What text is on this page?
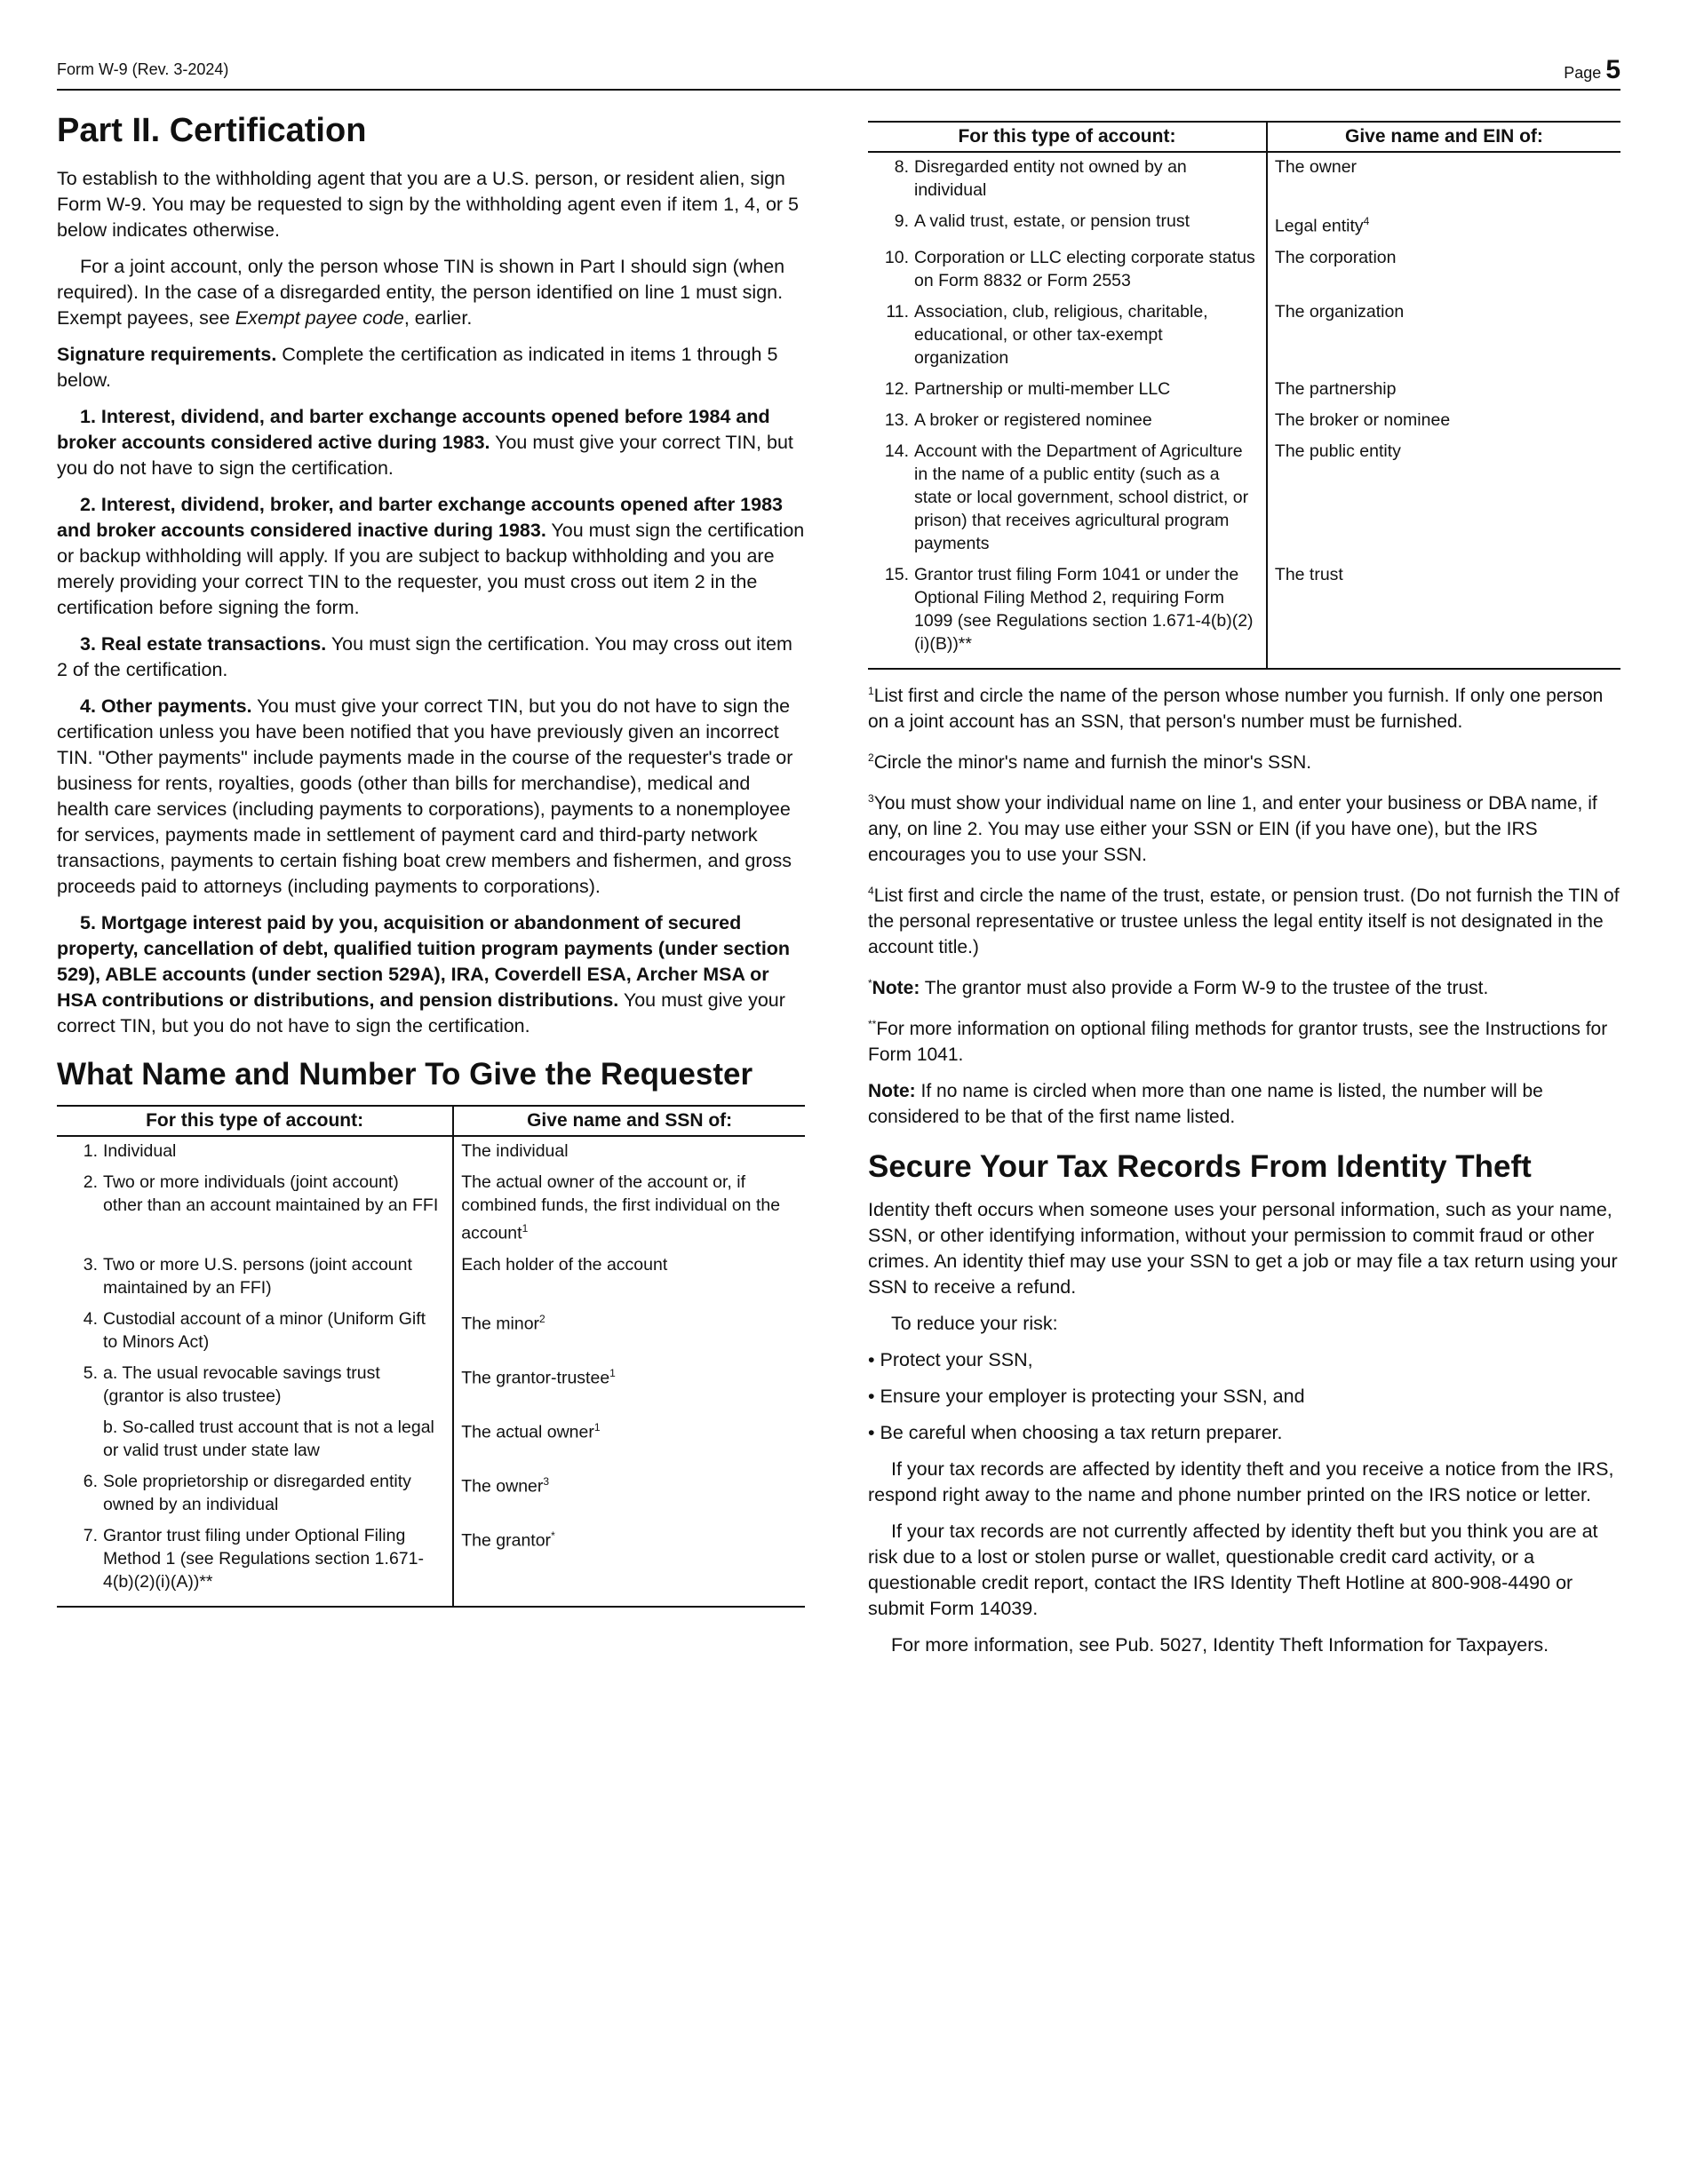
Form W-9 (Rev. 3-2024)	Page 5
Part II. Certification

To establish to the withholding agent that you are a U.S. person, or resident alien, sign Form W-9. You may be requested to sign by the withholding agent even if item 1, 4, or 5 below indicates otherwise.

For a joint account, only the person whose TIN is shown in Part I should sign (when required). In the case of a disregarded entity, the person identified on line 1 must sign. Exempt payees, see Exempt payee code, earlier.

Signature requirements. Complete the certification as indicated in items 1 through 5 below.

1. Interest, dividend, and barter exchange accounts opened before 1984 and broker accounts considered active during 1983. You must give your correct TIN, but you do not have to sign the certification.

2. Interest, dividend, broker, and barter exchange accounts opened after 1983 and broker accounts considered inactive during 1983. You must sign the certification or backup withholding will apply. If you are subject to backup withholding and you are merely providing your correct TIN to the requester, you must cross out item 2 in the certification before signing the form.

3. Real estate transactions. You must sign the certification. You may cross out item 2 of the certification.

4. Other payments. You must give your correct TIN, but you do not have to sign the certification unless you have been notified that you have previously given an incorrect TIN. "Other payments" include payments made in the course of the requester's trade or business for rents, royalties, goods (other than bills for merchandise), medical and health care services (including payments to corporations), payments to a nonemployee for services, payments made in settlement of payment card and third-party network transactions, payments to certain fishing boat crew members and fishermen, and gross proceeds paid to attorneys (including payments to corporations).

5. Mortgage interest paid by you, acquisition or abandonment of secured property, cancellation of debt, qualified tuition program payments (under section 529), ABLE accounts (under section 529A), IRA, Coverdell ESA, Archer MSA or HSA contributions or distributions, and pension distributions. You must give your correct TIN, but you do not have to sign the certification.

What Name and Number To Give the Requester
For this type of account:	Give name and SSN of:
1. Individual	The individual
2. Two or more individuals (joint account) other than an account maintained by an FFI	The actual owner of the account or, if combined funds, the first individual on the account$^1$
3. Two or more U.S. persons (joint account maintained by an FFI)	Each holder of the account
4. Custodial account of a minor (Uniform Gift to Minors Act)	The minor$^2$
5. a. The usual revocable savings trust (grantor is also trustee)	The grantor-trustee$^1$
b. So-called trust account that is not a legal or valid trust under state law	The actual owner$^1$
6. Sole proprietorship or disregarded entity owned by an individual	The owner$^3$
7. Grantor trust filing under Optional Filing Method 1 (see Regulations section 1.671-4(b)(2)(i)(A))**	The grantor*
For this type of account:	Give name and EIN of:
8. Disregarded entity not owned by an individual	The owner
9. A valid trust, estate, or pension trust	Legal entity$^4$
10. Corporation or LLC electing corporate status on Form 8832 or Form 2553	The corporation
11. Association, club, religious, charitable, educational, or other tax-exempt organization	The organization
12. Partnership or multi-member LLC	The partnership
13. A broker or registered nominee	The broker or nominee
14. Account with the Department of Agriculture in the name of a public entity (such as a state or local government, school district, or prison) that receives agricultural program payments	The public entity
15. Grantor trust filing Form 1041 or under the Optional Filing Method 2, requiring Form 1099 (see Regulations section 1.671-4(b)(2)(i)(B))**	The trust

$^1$List first and circle the name of the person whose number you furnish. If only one person on a joint account has an SSN, that person's number must be furnished.

$^2$Circle the minor's name and furnish the minor's SSN.

$^3$You must show your individual name on line 1, and enter your business or DBA name, if any, on line 2. You may use either your SSN or EIN (if you have one), but the IRS encourages you to use your SSN.

$^4$List first and circle the name of the trust, estate, or pension trust. (Do not furnish the TIN of the personal representative or trustee unless the legal entity itself is not designated in the account title.)

*Note: The grantor must also provide a Form W-9 to the trustee of the trust.

**For more information on optional filing methods for grantor trusts, see the Instructions for Form 1041.

Note: If no name is circled when more than one name is listed, the number will be considered to be that of the first name listed.

Secure Your Tax Records From Identity Theft

Identity theft occurs when someone uses your personal information, such as your name, SSN, or other identifying information, without your permission to commit fraud or other crimes. An identity thief may use your SSN to get a job or may file a tax return using your SSN to receive a refund.

To reduce your risk:

• Protect your SSN,
• Ensure your employer is protecting your SSN, and
• Be careful when choosing a tax return preparer.

If your tax records are affected by identity theft and you receive a notice from the IRS, respond right away to the name and phone number printed on the IRS notice or letter.

If your tax records are not currently affected by identity theft but you think you are at risk due to a lost or stolen purse or wallet, questionable credit card activity, or a questionable credit report, contact the IRS Identity Theft Hotline at 800-908-4490 or submit Form 14039.

For more information, see Pub. 5027, Identity Theft Information for Taxpayers.
